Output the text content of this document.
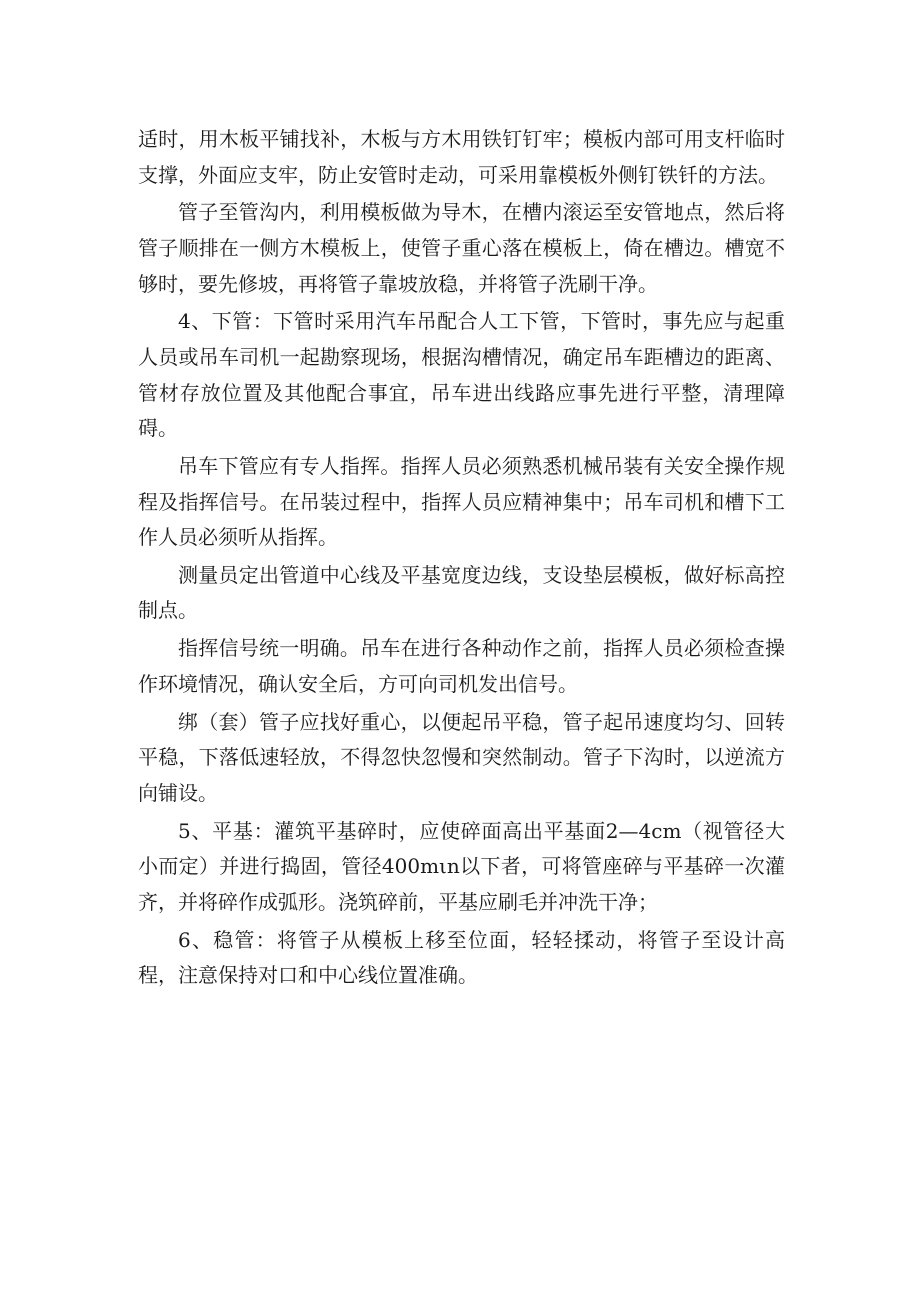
适时，用木板平铺找补，木板与方木用铁钉钉牢；模板内部可用支杆临时支撑，外面应支牢，防止安管时走动，可采用靠模板外侧钉铁钎的方法。

管子至管沟内，利用模板做为导木，在槽内滚运至安管地点，然后将管子顺排在一侧方木模板上，使管子重心落在模板上，倚在槽边。槽宽不够时，要先修坡，再将管子靠坡放稳，并将管子洗刷干净。

4、下管：下管时采用汽车吊配合人工下管，下管时，事先应与起重人员或吊车司机一起勘察现场，根据沟槽情况，确定吊车距槽边的距离、管材存放位置及其他配合事宜，吊车进出线路应事先进行平整，清理障碍。

吊车下管应有专人指挥。指挥人员必须熟悉机械吊装有关安全操作规程及指挥信号。在吊装过程中，指挥人员应精神集中；吊车司机和槽下工作人员必须听从指挥。

测量员定出管道中心线及平基宽度边线，支设垫层模板，做好标高控制点。

指挥信号统一明确。吊车在进行各种动作之前，指挥人员必须检查操作环境情况，确认安全后，方可向司机发出信号。

绑（套）管子应找好重心，以便起吊平稳，管子起吊速度均匀、回转平稳，下落低速轻放，不得忽快忽慢和突然制动。管子下沟时，以逆流方向铺设。

5、平基：灌筑平基碎时，应使碎面高出平基面2—4cm（视管径大小而定）并进行捣固，管径400mιn以下者，可将管座碎与平基碎一次灌齐，并将碎作成弧形。浇筑碎前，平基应刷毛并冲洗干净；

6、稳管：将管子从模板上移至位面，轻轻揉动，将管子至设计高程，注意保持对口和中心线位置准确。
